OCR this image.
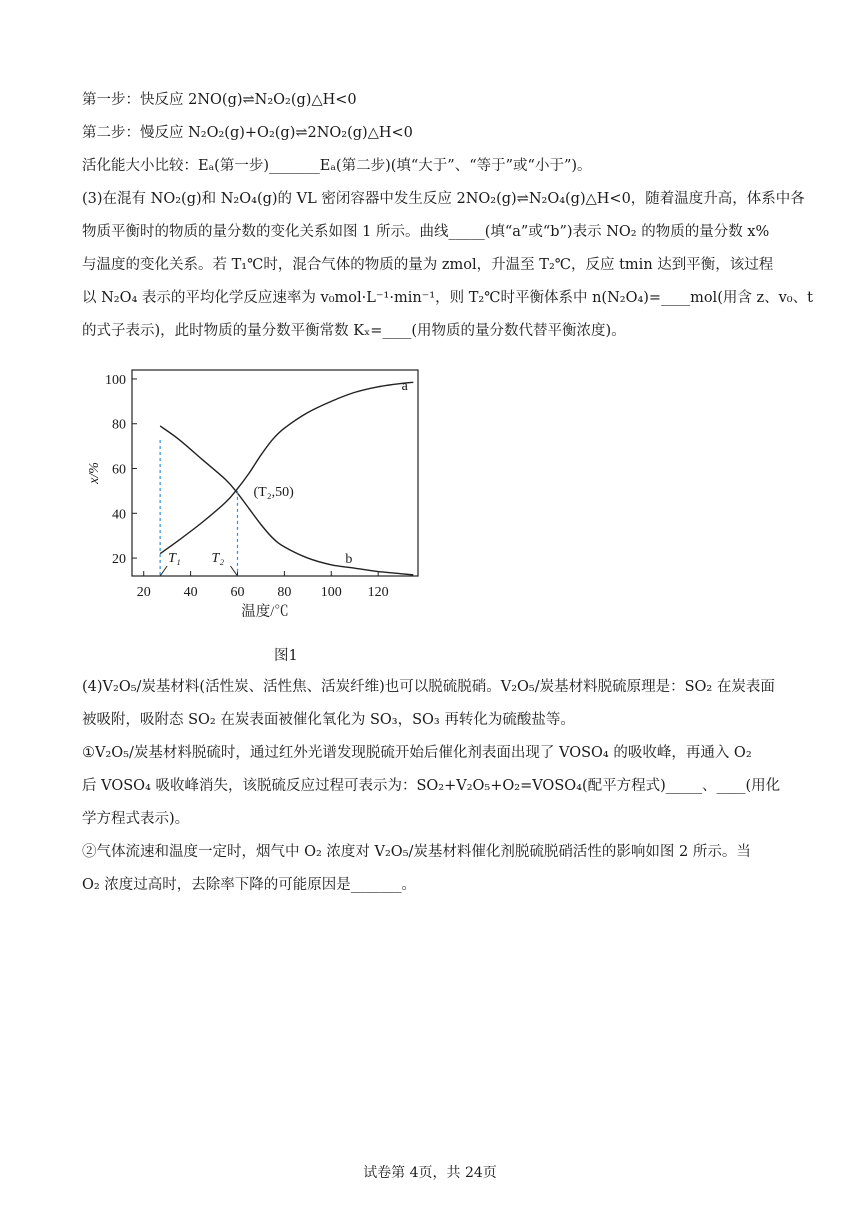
第一步：快反应 2NO(g)⇌N₂O₂(g)△H<0
第二步：慢反应 N₂O₂(g)+O₂(g)⇌2NO₂(g)△H<0
活化能大小比较：Eₐ(第一步)_______Eₐ(第二步)(填“大于”、“等于”或“小于”)。
(3)在混有 NO₂(g)和 N₂O₄(g)的 VL 密闭容器中发生反应 2NO₂(g)⇌N₂O₄(g)△H<0，随着温度升高，体系中各
物质平衡时的物质的量分数的变化关系如图 1 所示。曲线_____(填“a”或“b”)表示 NO₂ 的物质的量分数 x%
与温度的变化关系。若 T₁℃时，混合气体的物质的量为 zmol，升温至 T₂℃，反应 tmin 达到平衡，该过程
以 N₂O₄ 表示的平均化学反应速率为 v₀mol·L⁻¹·min⁻¹，则 T₂℃时平衡体系中 n(N₂O₄)=____mol(用含 z、v₀、t
的式子表示)，此时物质的量分数平衡常数 Kₓ=____(用物质的量分数代替平衡浓度)。
20 40 60 80 100 120
20
40
60
80
100
温度/℃
x/%
a
b
T₁ T₂
(T₂,50)
图1
(4)V₂O₅/炭基材料(活性炭、活性焦、活炭纤维)也可以脱硫脱硝。V₂O₅/炭基材料脱硫原理是：SO₂ 在炭表面
被吸附，吸附态 SO₂ 在炭表面被催化氧化为 SO₃，SO₃ 再转化为硫酸盐等。
①V₂O₅/炭基材料脱硫时，通过红外光谱发现脱硫开始后催化剂表面出现了 VOSO₄ 的吸收峰，再通入 O₂
后 VOSO₄ 吸收峰消失，该脱硫反应过程可表示为：SO₂+V₂O₅+O₂=VOSO₄(配平方程式)_____、____(用化
学方程式表示)。
②气体流速和温度一定时，烟气中 O₂ 浓度对 V₂O₅/炭基材料催化剂脱硫脱硝活性的影响如图 2 所示。当
O₂ 浓度过高时，去除率下降的可能原因是_______。
试卷第 4页，共 24页
